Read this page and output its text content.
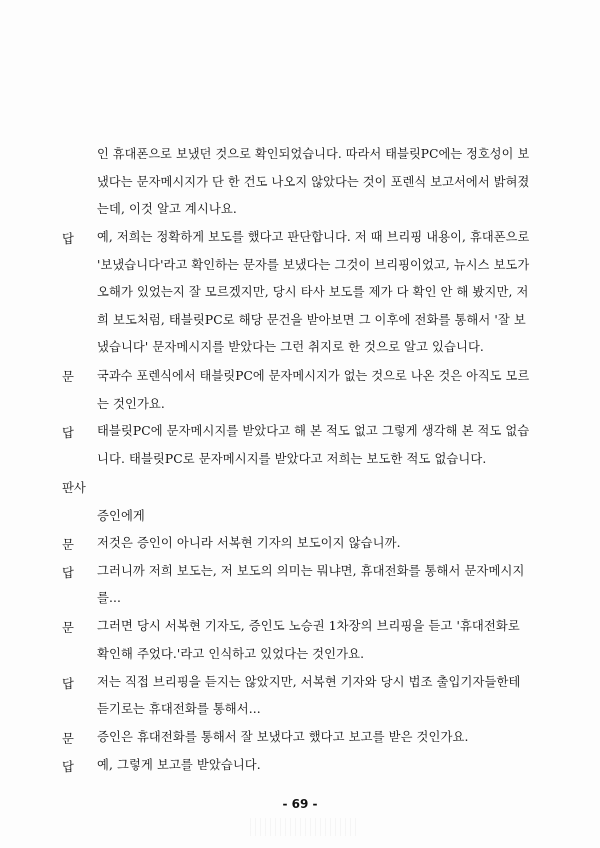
인 휴대폰으로 보냈던 것으로 확인되었습니다. 따라서 태블릿PC에는 정호성이 보
냈다는 문자메시지가 단 한 건도 나오지 않았다는 것이 포렌식 보고서에서 밝혀졌
는데, 이것 알고 계시나요.
답 예, 저희는 정확하게 보도를 했다고 판단합니다. 저 때 브리핑 내용이, 휴대폰으로
'보냈습니다'라고 확인하는 문자를 보냈다는 그것이 브리핑이었고, 뉴시스 보도가
오해가 있었는지 잘 모르겠지만, 당시 타사 보도를 제가 다 확인 안 해 봤지만, 저
희 보도처럼, 태블릿PC로 해당 문건을 받아보면 그 이후에 전화를 통해서 '잘 보
냈습니다' 문자메시지를 받았다는 그런 취지로 한 것으로 알고 있습니다.
문 국과수 포렌식에서 태블릿PC에 문자메시지가 없는 것으로 나온 것은 아직도 모르
는 것인가요.
답 태블릿PC에 문자메시지를 받았다고 해 본 적도 없고 그렇게 생각해 본 적도 없습
니다. 태블릿PC로 문자메시지를 받았다고 저희는 보도한 적도 없습니다.
판사
증인에게
문 저것은 증인이 아니라 서복현 기자의 보도이지 않습니까.
답 그러니까 저희 보도는, 저 보도의 의미는 뭐냐면, 휴대전화를 통해서 문자메시지
를...
문 그러면 당시 서복현 기자도, 증인도 노승권 1차장의 브리핑을 듣고 '휴대전화로
확인해 주었다.'라고 인식하고 있었다는 것인가요.
답 저는 직접 브리핑을 듣지는 않았지만, 서복현 기자와 당시 법조 출입기자들한테
듣기로는 휴대전화를 통해서...
문 증인은 휴대전화를 통해서 잘 보냈다고 했다고 보고를 받은 것인가요.
답 예, 그렇게 보고를 받았습니다.
- 69 -
